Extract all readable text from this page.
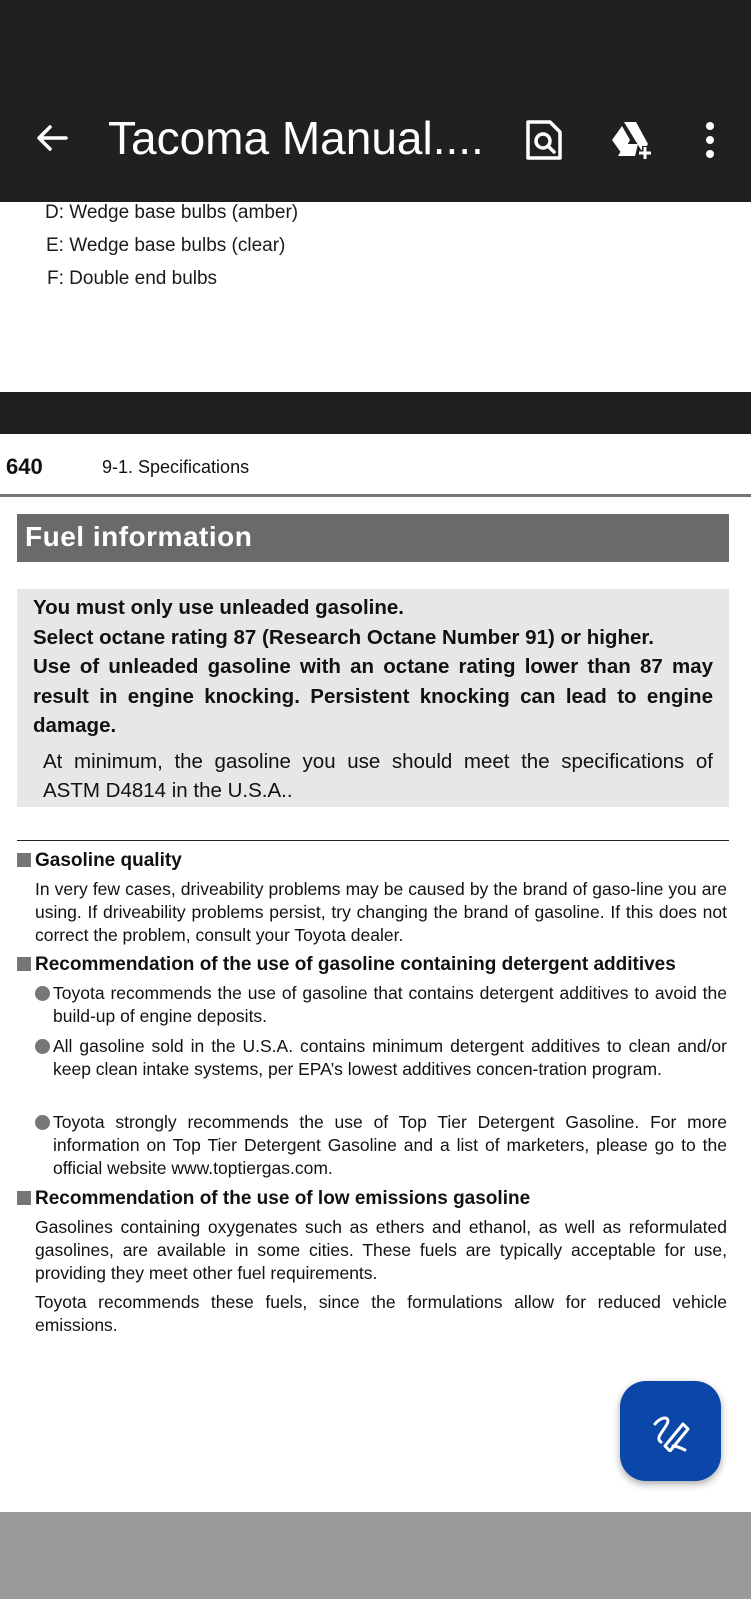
Tacoma Manual....
D: Wedge base bulbs (amber)
E: Wedge base bulbs (clear)
F: Double end bulbs
640	9-1. Specifications
Fuel information

You must only use unleaded gasoline.

Select octane rating 87 (Research Octane Number 91) or higher.

Use of unleaded gasoline with an octane rating lower than 87 may result in engine knocking. Persistent knocking can lead to engine damage.

At minimum, the gasoline you use should meet the specifications of ASTM D4814 in the U.S.A..

Gasoline quality

In very few cases, driveability problems may be caused by the brand of gaso-line you are using. If driveability problems persist, try changing the brand of gasoline. If this does not correct the problem, consult your Toyota dealer.

Recommendation of the use of gasoline containing detergent additives
Toyota recommends the use of gasoline that contains detergent additives to avoid the build-up of engine deposits.
All gasoline sold in the U.S.A. contains minimum detergent additives to clean and/or keep clean intake systems, per EPA’s lowest additives concen-tration program.
Toyota strongly recommends the use of Top Tier Detergent Gasoline. For more information on Top Tier Detergent Gasoline and a list of marketers, please go to the official website www.toptiergas.com.
Recommendation of the use of low emissions gasoline

Gasolines containing oxygenates such as ethers and ethanol, as well as reformulated gasolines, are available in some cities. These fuels are typically acceptable for use, providing they meet other fuel requirements.

Toyota recommends these fuels, since the formulations allow for reduced vehicle emissions.
